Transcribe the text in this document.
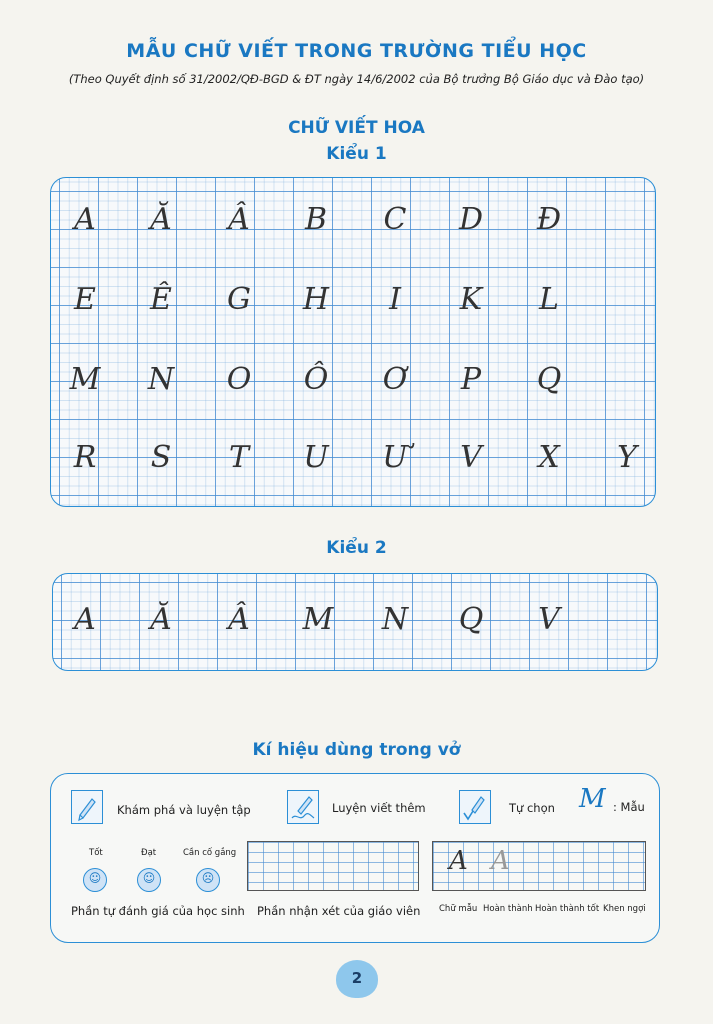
MẪU CHỮ VIẾT TRONG TRƯỜNG TIỂU HỌC
(Theo Quyết định số 31/2002/QĐ-BGD & ĐT ngày 14/6/2002 của Bộ trưởng Bộ Giáo dục và Đào tạo)
CHỮ VIẾT HOA
Kiểu 1
A	Ă	Â	B	C	D	Đ
E	Ê	G	H	I	K	L
M N	O	Ô	Ơ	P	Q
R	S	T	U	Ư	V	X	Y
Kiểu 2
A	Ă	Â	M N	Q	V
Kí hiệu dùng trong vở
Khám phá và luyện tập	Luyện viết thêm	Tự chọn M : Mẫu
Tốt	Đạt	Cần cố gắng
☺	☺	☹
Phần tự đánh giá của học sinh Phần nhận xét của giáo viên
A A
Chữ mẫu Hoàn thành Hoàn thành tốt Khen ngợi
2
